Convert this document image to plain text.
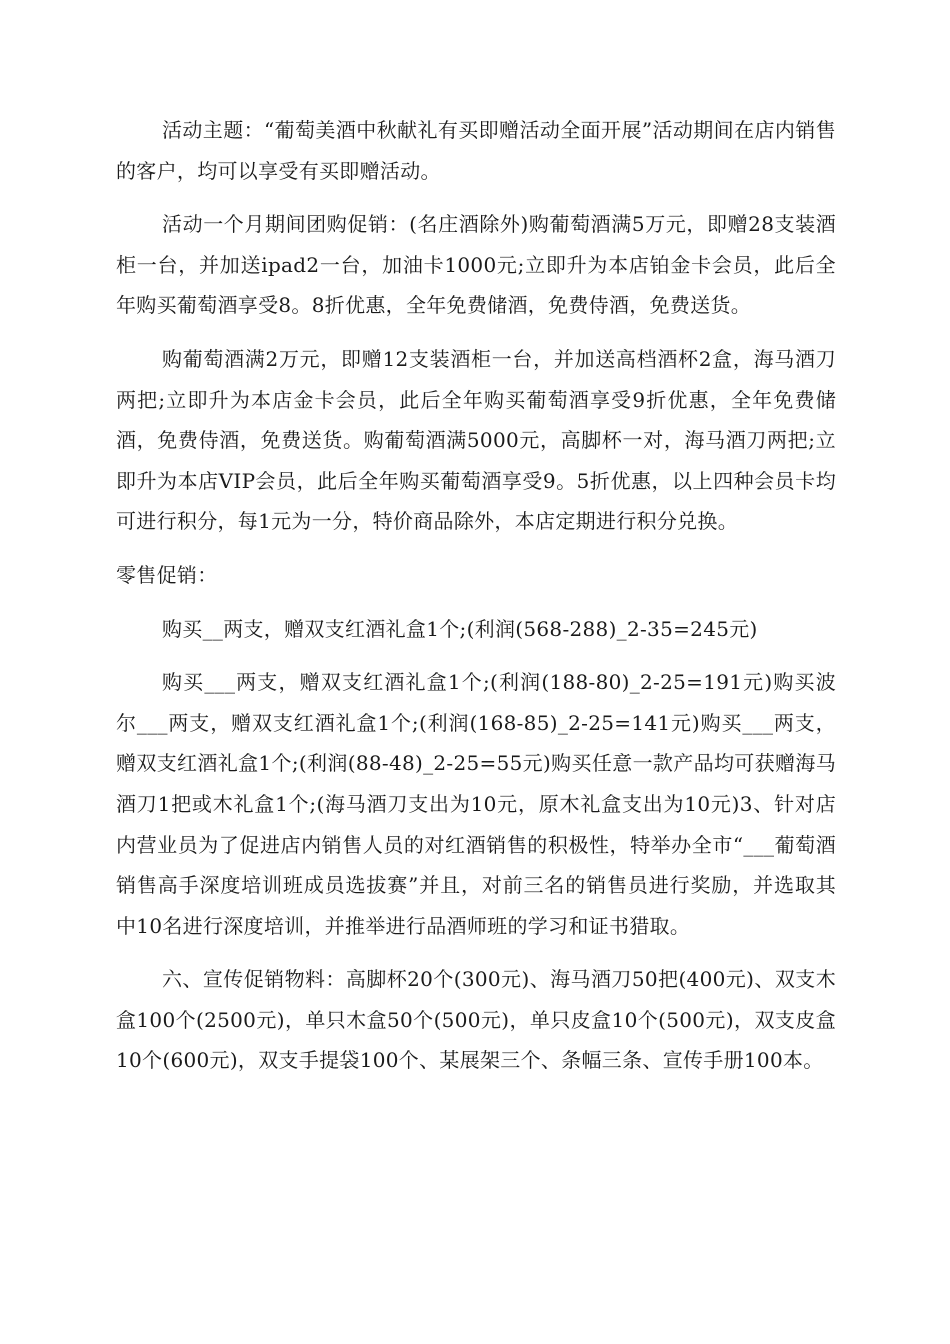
活动主题：“葡萄美酒中秋献礼有买即赠活动全面开展”活动期间在店内销售的客户，均可以享受有买即赠活动。

活动一个月期间团购促销：(名庄酒除外)购葡萄酒满5万元，即赠28支装酒柜一台，并加送ipad2一台，加油卡1000元;立即升为本店铂金卡会员，此后全年购买葡萄酒享受8。8折优惠，全年免费储酒，免费侍酒，免费送货。

购葡萄酒满2万元，即赠12支装酒柜一台，并加送高档酒杯2盒，海马酒刀两把;立即升为本店金卡会员，此后全年购买葡萄酒享受9折优惠，全年免费储酒，免费侍酒，免费送货。购葡萄酒满5000元，高脚杯一对，海马酒刀两把;立即升为本店VIP会员，此后全年购买葡萄酒享受9。5折优惠，以上四种会员卡均可进行积分，每1元为一分，特价商品除外，本店定期进行积分兑换。

零售促销：

购买__两支，赠双支红酒礼盒1个;(利润(568-288)_2-35=245元)

购买___两支，赠双支红酒礼盒1个;(利润(188-80)_2-25=191元)购买波尔___两支，赠双支红酒礼盒1个;(利润(168-85)_2-25=141元)购买___两支，赠双支红酒礼盒1个;(利润(88-48)_2-25=55元)购买任意一款产品均可获赠海马酒刀1把或木礼盒1个;(海马酒刀支出为10元，原木礼盒支出为10元)3、针对店内营业员为了促进店内销售人员的对红酒销售的积极性，特举办全市“___葡萄酒销售高手深度培训班成员选拔赛”并且，对前三名的销售员进行奖励，并选取其中10名进行深度培训，并推举进行品酒师班的学习和证书猎取。

六、宣传促销物料：高脚杯20个(300元)、海马酒刀50把(400元)、双支木盒100个(2500元)，单只木盒50个(500元)，单只皮盒10个(500元)，双支皮盒10个(600元)，双支手提袋100个、某展架三个、条幅三条、宣传手册100本。
